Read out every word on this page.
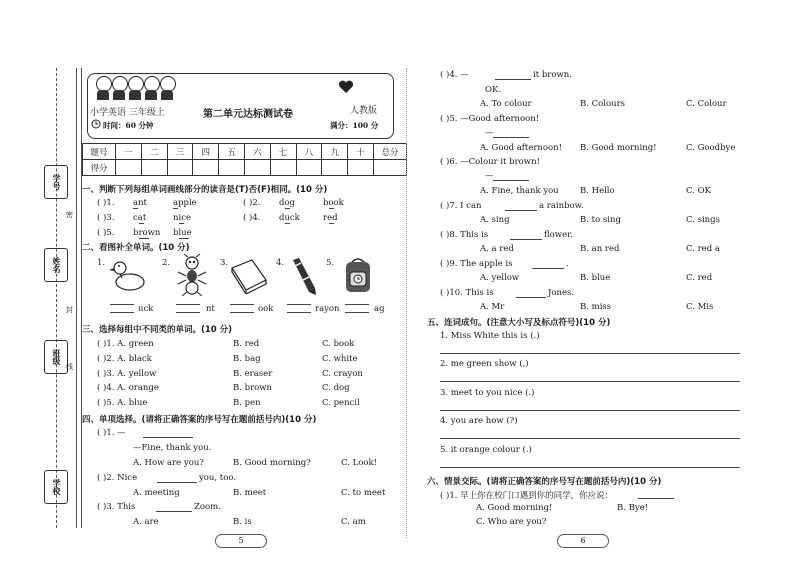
学号
姓名
班级
学校
密
封
线
小学英语 三年级上	第二单元达标测试卷	人教版
时间：60 分钟	满分：100 分
题号	一	二	三	四	五	六	七	八	九	十	总分
得分											
一、判断下列每组单词画线部分的读音是(T)否(F)相同。(10 分)
( )1. ant	apple	( )2. dog	book
( )3. cat	nice	( )4. duck	red
( )5. brown blue
二、看图补全单词。(10 分)
1.	2.	3.	4.	5.
uck	nt	ook	rayon	ag
三、选择每组中不同类的单词。(10 分)
( )1. A. green	B. red	C. book
( )2. A. black	B. bag	C. white
( )3. A. yellow	B. eraser	C. crayon
( )4. A. orange	B. brown	C. dog
( )5. A. blue	B. pen	C. pencil
四、单项选择。(请将正确答案的序号写在题前括号内)(10 分)
( )1. —
—Fine, thank you.
A. How are you?	B. Good morning?	C. Look!
( )2. Nice	you, too.
A. meeting	B. meet	C. to meet
( )3. This	Zoom.
A. are	B. is	C. am
5
( )4. —	it brown.
OK.
A. To colour	B. Colours	C. Colour
( )5. —Good afternoon!
—
A. Good afternoon! B. Good morning!	C. Goodbye
( )6. —Colour it brown!
—
A. Fine, thank you	B. Hello	C. OK
( )7. I can	a rainbow.
A. sing	B. to sing	C. sings
( )8. This is	flower.
A. a red	B. an red	C. red a
( )9. The apple is	.
A. yellow	B. blue	C. red
( )10. This is	Jones.
A. Mr	B. miss	C. Mis
五、连词成句。(注意大小写及标点符号)(10 分)
1. Miss White this is (.)
2. me green show (,)
3. meet to you nice (.)
4. you are how (?)
5. it orange colour (.)
六、情景交际。(请将正确答案的序号写在题前括号内)(10 分)
( )1. 早上你在校门口遇到你的同学，你应说：
A. Good morning!	B. Bye!
C. Who are you?
6
